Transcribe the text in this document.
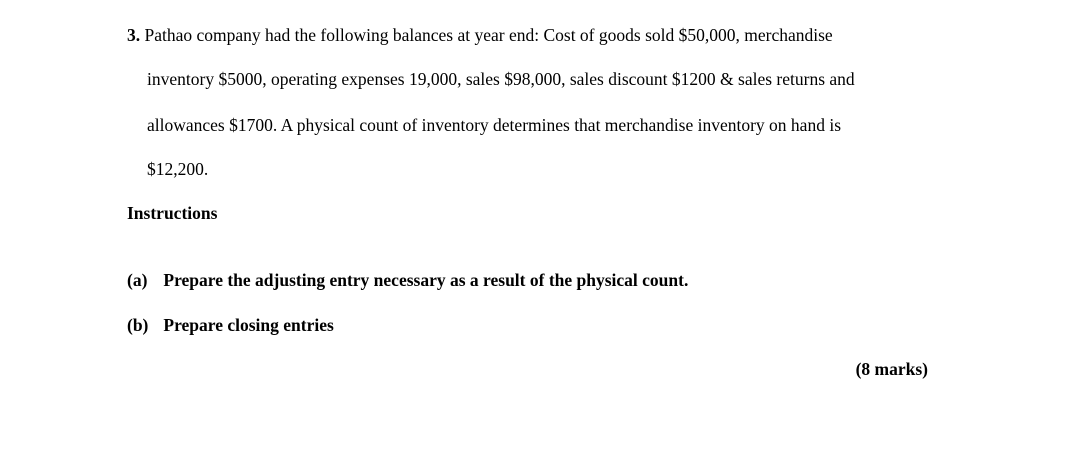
3. Pathao company had the following balances at year end: Cost of goods sold $50,000, merchandise
inventory $5000, operating expenses 19,000, sales $98,000, sales discount $1200 & sales returns and
allowances $1700. A physical count of inventory determines that merchandise inventory on hand is
$12,200.
Instructions
(a) Prepare the adjusting entry necessary as a result of the physical count.
(b) Prepare closing entries
(8 marks)
